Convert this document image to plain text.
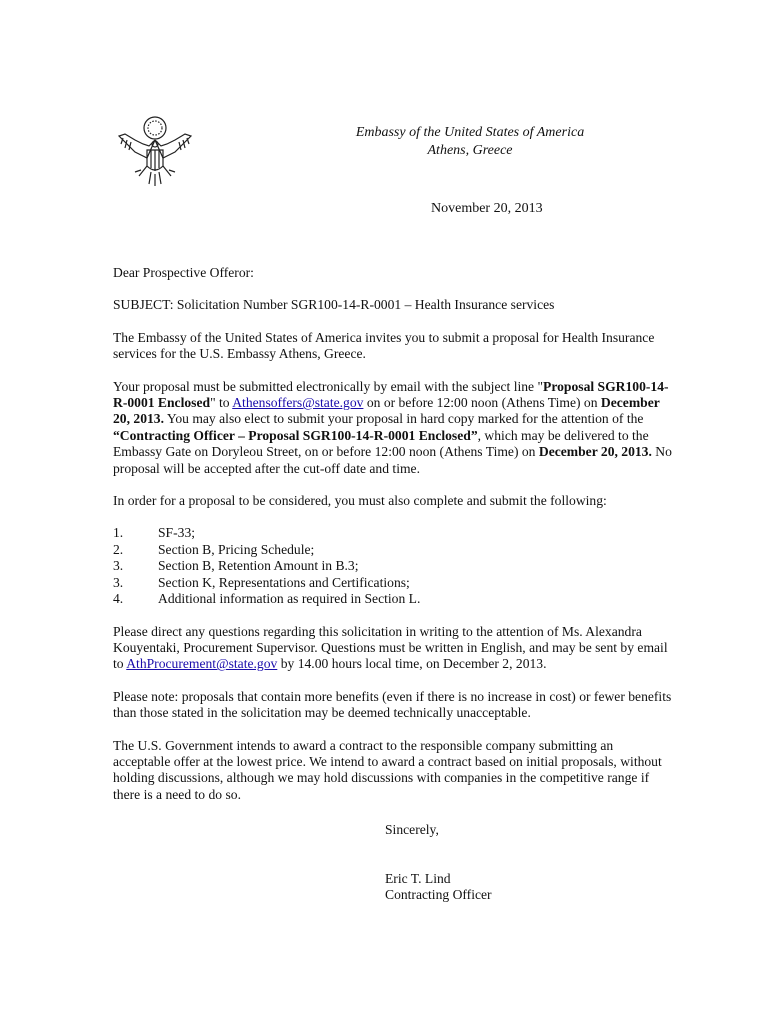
Embassy of the United States of America
Athens, Greece
November 20, 2013

Dear Prospective Offeror:

SUBJECT: Solicitation Number SGR100-14-R-0001 – Health Insurance services

The Embassy of the United States of America invites you to submit a proposal for Health Insurance services for the U.S. Embassy Athens, Greece.

Your proposal must be submitted electronically by email with the subject line "Proposal SGR100-14-R-0001 Enclosed" to Athensoffers@state.gov on or before 12:00 noon (Athens Time) on December 20, 2013. You may also elect to submit your proposal in hard copy marked for the attention of the “Contracting Officer – Proposal SGR100-14-R-0001 Enclosed”, which may be delivered to the Embassy Gate on Doryleou Street, on or before 12:00 noon (Athens Time) on December 20, 2013. No proposal will be accepted after the cut-off date and time.

In order for a proposal to be considered, you must also complete and submit the following:

1.	SF-33;
2.	Section B, Pricing Schedule;
3.	Section B, Retention Amount in B.3;
3.	Section K, Representations and Certifications;
4.	Additional information as required in Section L.

Please direct any questions regarding this solicitation in writing to the attention of Ms. Alexandra Kouyentaki, Procurement Supervisor. Questions must be written in English, and may be sent by email to AthProcurement@state.gov by 14.00 hours local time, on December 2, 2013.

Please note: proposals that contain more benefits (even if there is no increase in cost) or fewer benefits than those stated in the solicitation may be deemed technically unacceptable.

The U.S. Government intends to award a contract to the responsible company submitting an acceptable offer at the lowest price. We intend to award a contract based on initial proposals, without holding discussions, although we may hold discussions with companies in the competitive range if there is a need to do so.

Sincerely,
Eric T. Lind
Contracting Officer
